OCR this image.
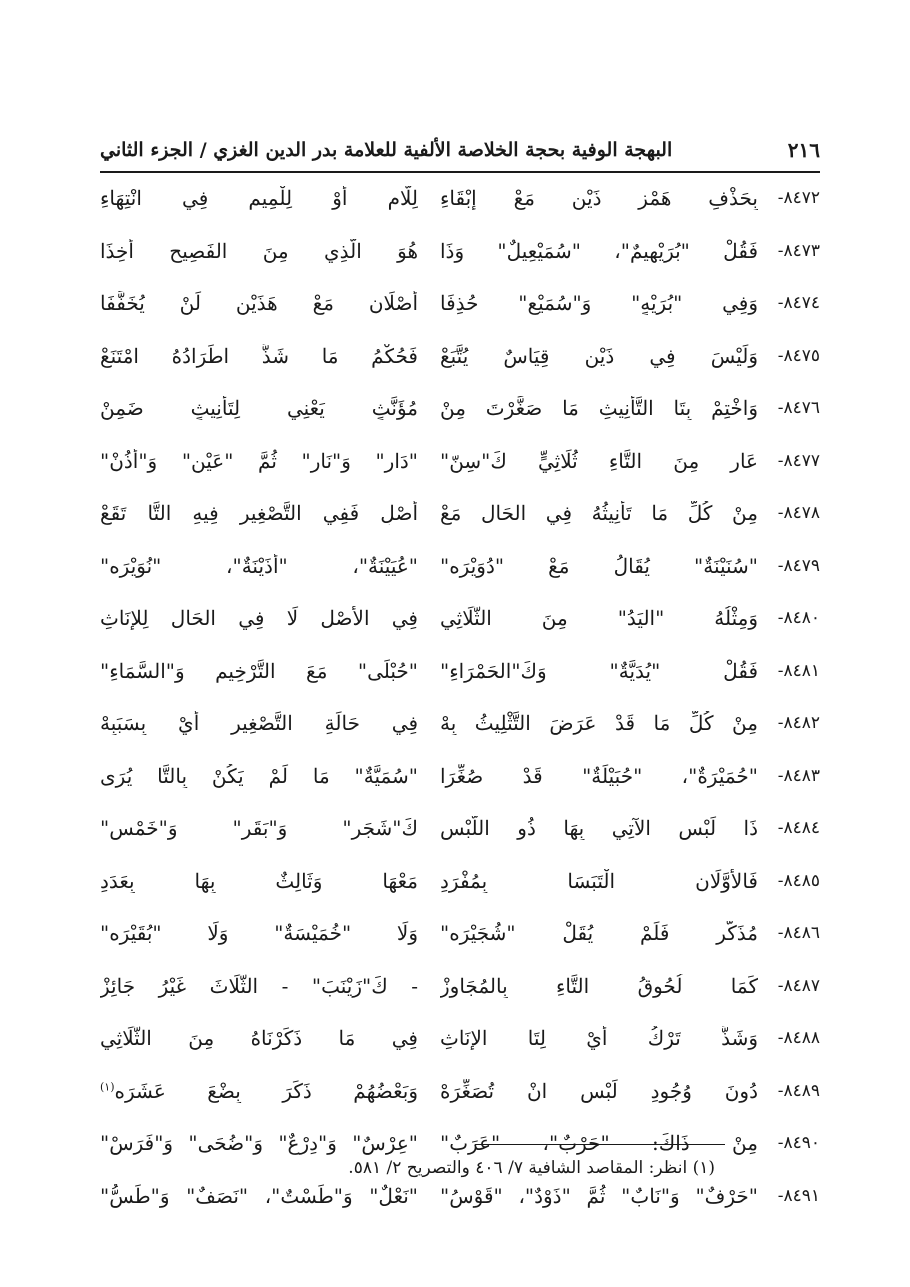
٢١٦
البهجة الوفية بحجة الخلاصة الألفية للعلامة بدر الدين الغزي / الجزء الثاني
٨٤٧٢-
بِحَذْفِ هَمْزِ ذَيْنِ مَعْ إِبْقَاءِ
لِلَّامِ أَوْ لِلْمِيمِ فِي انْتِهَاءِ
٨٤٧٣-
فَقُلْ "بُرَيْهِيمٌ"، "سُمَيْعِيلٌ" وَذَا
هُوَ الَّذِي مِنَ الفَصِيحِ أُخِذَا
٨٤٧٤-
وَفِي "بُرَيْهٍ" وَ"سُمَيْعٍ" حُذِفَا
أَصْلَانِ مَعْ هَذَيْنِ لَنْ يُخَفَّفَا
٨٤٧٥-
وَلَيْسَ فِي ذَيْنِ قِيَاسٌ يُتَّبَعْ
فَحُكْمُ مَا شَذَّ اطِّرَادُهُ امْتَنَعْ
٨٤٧٦-
وَاخْتِمْ بِتَا التَّأْنِيثِ مَا صَغَّرْتَ مِنْ
مُؤَنَّثٍ يَعْنِي لِتَأْنِيثٍ ضَمِنْ
٨٤٧٧-
عَارٍ مِنَ التَّاءِ ثُلَاثِيٍّ كَ"سِنّ"
"دَارٍ" وَ"نَارٍ" ثُمَّ "عَيْنٍ" وَ"أُذُنْ"
٨٤٧٨-
مِنْ كُلِّ مَا تَأْنِيثُهُ فِي الحَالِ مَعْ
أَصْلٍ فَفِي التَّصْغِيرِ فِيهِ التَّا تَقَعْ
٨٤٧٩-
"سُنَيْنَةٌ" يُقَالُ مَعْ "دُوَيْرَه"
"عُيَيْنَةٌ"، "أُذَيْنَةٌ"، "نُوَيْرَه"
٨٤٨٠-
وَمِثْلُهُ "اليَدُ" مِنَ الثُّلَاثِي
فِي الأَصْلِ لَا فِي الحَالِ لِلإِنَاثِ
٨٤٨١-
فَقُلْ "يُدَيَّةٌ" وَكَ"الحَمْرَاءِ"
"حُبْلَى" مَعَ التَّرْخِيمِ وَ"السَّمَاءِ"
٨٤٨٢-
مِنْ كُلِّ مَا قَدْ عَرَضَ التَّثْلِيثُ بِهْ
فِي حَالَةِ التَّصْغِيرِ أَيْ بِسَبَبِهْ
٨٤٨٣-
"حُمَيْرَةٌ"، "حُبَيْلَةٌ" قَدْ صُغِّرَا
"سُمَيَّةٌ" مَا لَمْ يَكُنْ بِالتَّا يُرَى
٨٤٨٤-
ذَا لَبْسٍ الآتِي بِهَا ذُو اللَّبْسِ
كَ"شَجَرٍ" وَ"بَقَرٍ" وَ"خَمْسِ"
٨٤٨٥-
فَالأَوَّلَانِ الْتَبَسَا بِمُفْرَدِ
مَعْهَا وَثَالِثٌ بِهَا بِعَدَدِ
٨٤٨٦-
مُذَكَّرٍ فَلَمْ يُقَلْ "شُجَيْرَه"
وَلَا "خُمَيْسَةٌ" وَلَا "بُقَيْرَه"
٨٤٨٧-
كَمَا لُحُوقُ التَّاءِ بِالمُجَاوِزْ
- كَ"زَيْنَبَ" - الثَّلَاثَ غَيْرُ جَائِزْ
٨٤٨٨-
وَشَذَّ تَرْكُ أَيْ لِتَا الإِنَاثِ
فِي مَا ذَكَرْنَاهُ مِنَ الثُّلَاثِي
٨٤٨٩-
دُونَ وُجُودِ لَبْسٍ انْ تُصَغِّرَهْ
وَبَعْضُهُمْ ذَكَرَ بِضْعَ عَشَرَه$^{(١)}$
٨٤٩٠-
مِنْ ذَاكَ: "حَرْبٌ"، "عَرَبٌ"
"عِرْسٌ" وَ"دِرْعٌ" وَ"ضُحَى" وَ"فَرَسْ"
٨٤٩١-
"حَرْفٌ" وَ"نَابٌ" ثُمَّ "ذَوْدٌ"، "قَوْسُ"
"نَعْلٌ" وَ"طَسْتٌ"، "نَصَفٌ" وَ"طَسُّ"
(١) انظر: المقاصد الشافية ٧/ ٤٠٦ والتصريح ٢/ ٥٨١.
